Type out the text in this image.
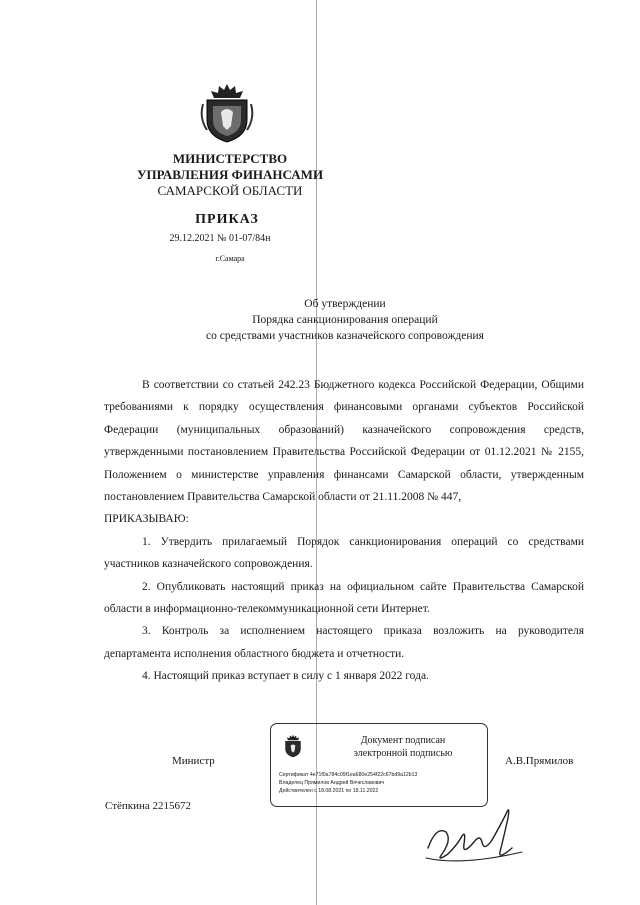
МИНИСТЕРСТВО
УПРАВЛЕНИЯ ФИНАНСАМИ
САМАРСКОЙ ОБЛАСТИ
ПРИКАЗ
29.12.2021 № 01-07/84н
г.Самара
Об утверждении
Порядка санкционирования операций
со средствами участников казначейского сопровождения

В соответствии со статьей 242.23 Бюджетного кодекса Российской Федерации, Общими требованиями к порядку осуществления финансовыми органами субъектов Российской Федерации (муниципальных образований) казначейского сопровождения средств, утвержденными постановлением Правительства Российской Федерации от 01.12.2021 № 2155, Положением о министерстве управления финансами Самарской области, утвержденным постановлением Правительства Самарской области от 21.11.2008 № 447,

ПРИКАЗЫВАЮ:

1. Утвердить прилагаемый Порядок санкционирования операций со средствами участников казначейского сопровождения.

2. Опубликовать настоящий приказ на официальном сайте Правительства Самарской области в информационно-телекоммуникационной сети Интернет.

3. Контроль за исполнением настоящего приказа возложить на руководителя департамента исполнения областного бюджета и отчетности.

4. Настоящий приказ вступает в силу с 1 января 2022 года.

Министр	А.В.Прямилов
Стёпкина 2215672
Документ подписан
электронной подписью
Сертификат 4e71f0a784c09f1ea680e254f22c67bd9a12b13
Владелец Прямилов Андрей Вячеславович
Действителен с 18.08.2021 по 18.11.2022
